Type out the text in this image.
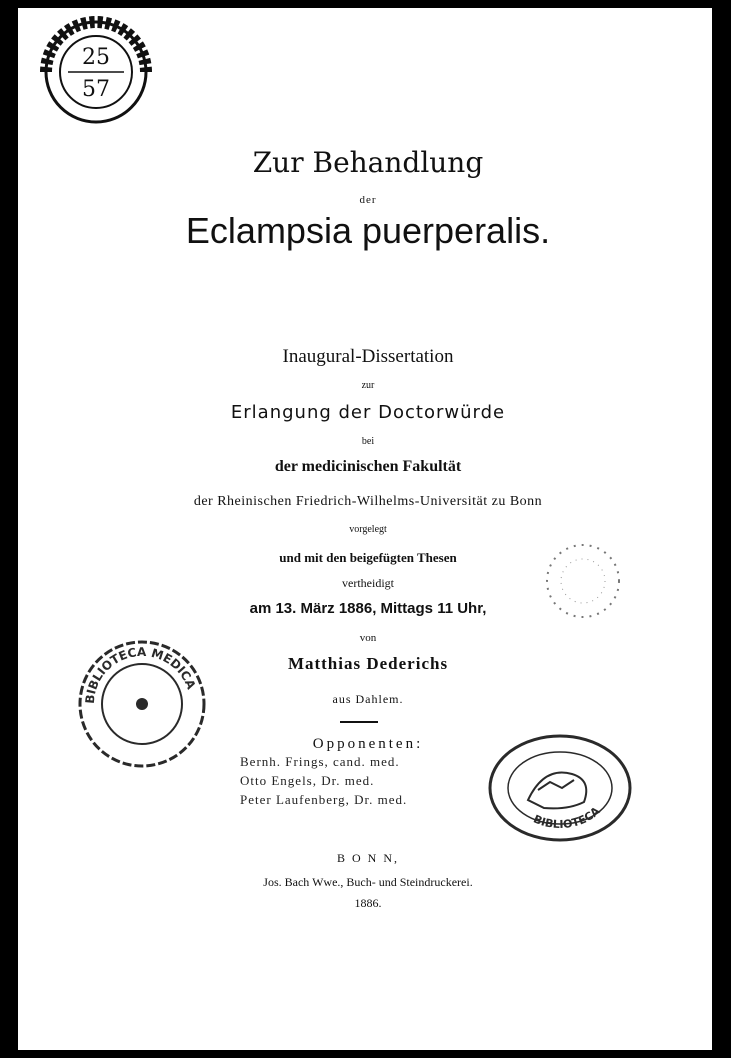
25
57
Zur Behandlung
der
Eclampsia puerperalis.
Inaugural-Dissertation
zur
Erlangung der Doctorwürde
bei
der medicinischen Fakultät
der Rheinischen Friedrich-Wilhelms-Universität zu Bonn
vorgelegt
und mit den beigefügten Thesen
vertheidigt
am 13. März 1886, Mittags 11 Uhr,
von
Matthias Dederichs
aus Dahlem.
Opponenten:
Bernh. Frings, cand. med.
Otto Engels, Dr. med.
Peter Laufenberg, Dr. med.
B O N N,
Jos. Bach Wwe., Buch- und Steindruckerei.
1886.
BIBLIOTECA MEDICA
BIBLIOTECA
